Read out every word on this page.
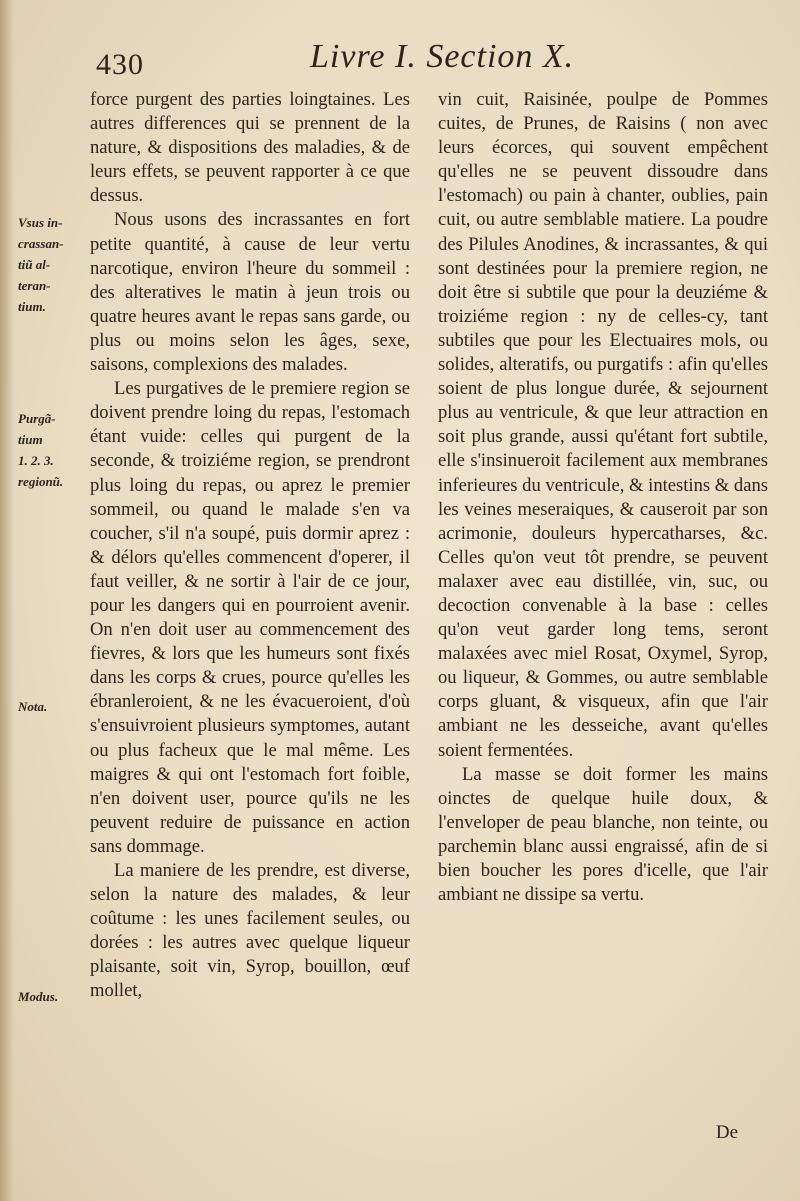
430	Livre I. Section X.
Vsus in-
crassan-
tiũ al-
teran-
tium.
Purgã-
tium
1. 2. 3.
regionũ.
Nota.
Modus.

force purgent des parties loingtaines. Les autres differences qui se prennent de la nature, & dispositions des maladies, & de leurs effets, se peuvent rapporter à ce que dessus.

Nous usons des incrassantes en fort petite quantité, à cause de leur vertu narcotique, environ l'heure du sommeil : des alteratives le matin à jeun trois ou quatre heures avant le repas sans garde, ou plus ou moins selon les âges, sexe, saisons, complexions des malades.

Les purgatives de le premiere region se doivent prendre loing du repas, l'estomach étant vuide: celles qui purgent de la seconde, & troiziéme region, se prendront plus loing du repas, ou aprez le premier sommeil, ou quand le malade s'en va coucher, s'il n'a soupé, puis dormir aprez : & délors qu'elles commencent d'operer, il faut veiller, & ne sortir à l'air de ce jour, pour les dangers qui en pourroient avenir. On n'en doit user au commencement des fievres, & lors que les humeurs sont fixés dans les corps & crues, pource qu'elles les ébranleroient, & ne les évacueroient, d'où s'ensuivroient plusieurs symptomes, autant ou plus facheux que le mal même. Les maigres & qui ont l'estomach fort foible, n'en doivent user, pource qu'ils ne les peuvent reduire de puissance en action sans dommage.

La maniere de les prendre, est diverse, selon la nature des malades, & leur coûtume : les unes facilement seules, ou dorées : les autres avec quelque liqueur plaisante, soit vin, Syrop, bouillon, œuf mollet,

vin cuit, Raisinée, poulpe de Pommes cuites, de Prunes, de Raisins ( non avec leurs écorces, qui souvent empêchent qu'elles ne se peuvent dissoudre dans l'estomach) ou pain à chanter, oublies, pain cuit, ou autre semblable matiere. La poudre des Pilules Anodines, & incrassantes, & qui sont destinées pour la premiere region, ne doit être si subtile que pour la deuziéme & troiziéme region : ny de celles-cy, tant subtiles que pour les Electuaires mols, ou solides, alteratifs, ou purgatifs : afin qu'elles soient de plus longue durée, & sejournent plus au ventricule, & que leur attraction en soit plus grande, aussi qu'étant fort subtile, elle s'insinueroit facilement aux membranes inferieures du ventricule, & intestins & dans les veines meseraiques, & causeroit par son acrimonie, douleurs hypercatharses, &c. Celles qu'on veut tôt prendre, se peuvent malaxer avec eau distillée, vin, suc, ou decoction convenable à la base : celles qu'on veut garder long tems, seront malaxées avec miel Rosat, Oxymel, Syrop, ou liqueur, & Gommes, ou autre semblable corps gluant, & visqueux, afin que l'air ambiant ne les desseiche, avant qu'elles soient fermentées.

La masse se doit former les mains oinctes de quelque huile doux, & l'enveloper de peau blanche, non teinte, ou parchemin blanc aussi engraissé, afin de si bien boucher les pores d'icelle, que l'air ambiant ne dissipe sa vertu.

De
